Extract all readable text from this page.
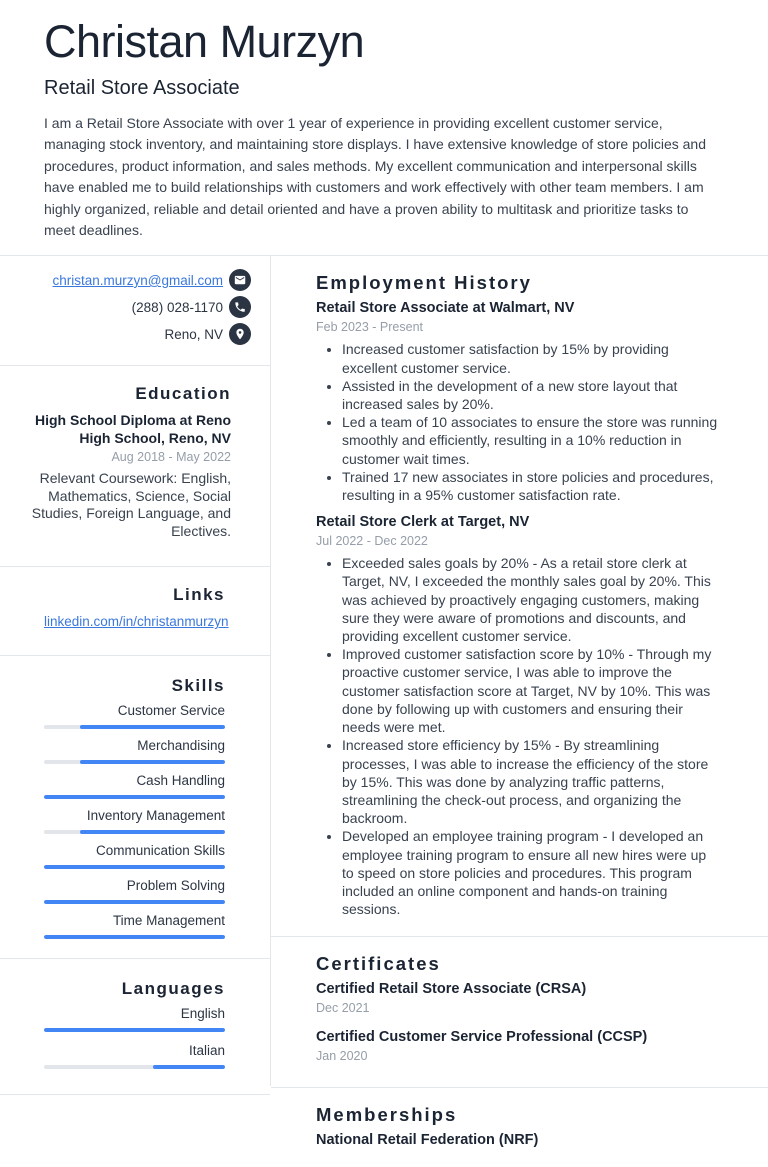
Christan Murzyn
Retail Store Associate

I am a Retail Store Associate with over 1 year of experience in providing excellent customer service, managing stock inventory, and maintaining store displays. I have extensive knowledge of store policies and procedures, product information, and sales methods. My excellent communication and interpersonal skills have enabled me to build relationships with customers and work effectively with other team members. I am highly organized, reliable and detail oriented and have a proven ability to multitask and prioritize tasks to meet deadlines.

christan.murzyn@gmail.com
(288) 028-1170
Reno, NV
Education
High School Diploma at Reno High School, Reno, NV
Aug 2018 - May 2022
Relevant Coursework: English, Mathematics, Science, Social Studies, Foreign Language, and Electives.
Links
linkedin.com/in/christanmurzyn
Skills
Customer Service
Merchandising
Cash Handling
Inventory Management
Communication Skills
Problem Solving
Time Management
Languages
English
Italian
Employment History
Retail Store Associate at Walmart, NV
Feb 2023 - Present
• Increased customer satisfaction by 15% by providing excellent customer service.
• Assisted in the development of a new store layout that increased sales by 20%.
• Led a team of 10 associates to ensure the store was running smoothly and efficiently, resulting in a 10% reduction in customer wait times.
• Trained 17 new associates in store policies and procedures, resulting in a 95% customer satisfaction rate.
Retail Store Clerk at Target, NV
Jul 2022 - Dec 2022
• Exceeded sales goals by 20% - As a retail store clerk at Target, NV, I exceeded the monthly sales goal by 20%. This was achieved by proactively engaging customers, making sure they were aware of promotions and discounts, and providing excellent customer service.
• Improved customer satisfaction score by 10% - Through my proactive customer service, I was able to improve the customer satisfaction score at Target, NV by 10%. This was done by following up with customers and ensuring their needs were met.
• Increased store efficiency by 15% - By streamlining processes, I was able to increase the efficiency of the store by 15%. This was done by analyzing traffic patterns, streamlining the check-out process, and organizing the backroom.
• Developed an employee training program - I developed an employee training program to ensure all new hires were up to speed on store policies and procedures. This program included an online component and hands-on training sessions.
Certificates
Certified Retail Store Associate (CRSA)
Dec 2021
Certified Customer Service Professional (CCSP)
Jan 2020
Memberships
National Retail Federation (NRF)
